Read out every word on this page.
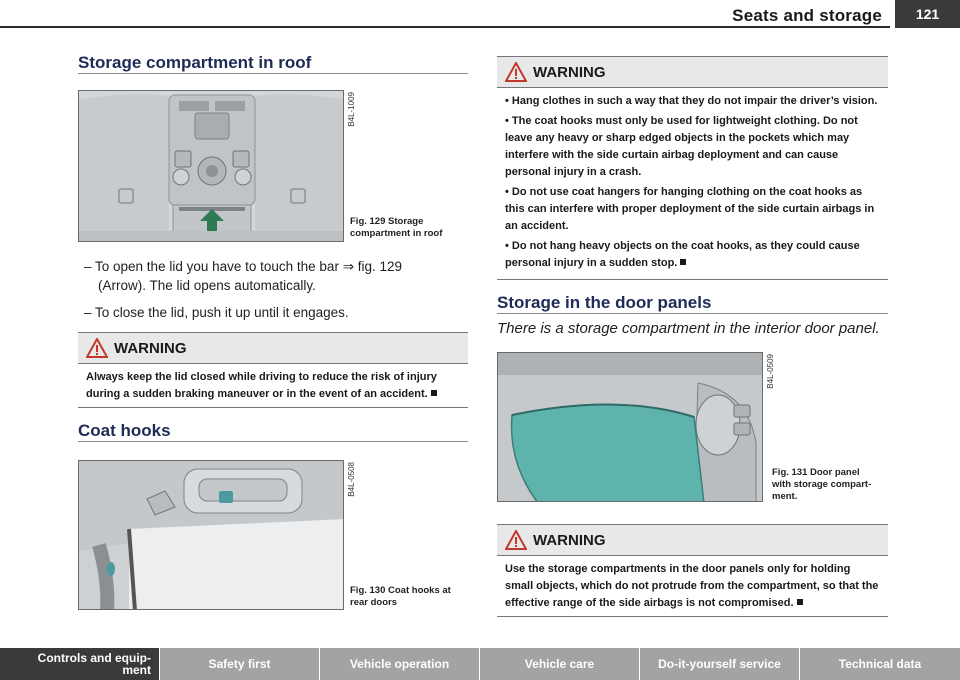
Seats and storage	121
Storage compartment in roof
B4L-1009
Fig. 129 Storage
compartment in roof
– To open the lid you have to touch the bar ⇒ fig. 129
(Arrow). The lid opens automatically.
– To close the lid, push it up until it engages.
WARNING
Always keep the lid closed while driving to reduce the risk of injury during a sudden braking maneuver or in the event of an accident.
Coat hooks
B4L-0508
Fig. 130 Coat hooks at
rear doors
WARNING

• Hang clothes in such a way that they do not impair the driver’s vision.

• The coat hooks must only be used for lightweight clothing. Do not leave any heavy or sharp edged objects in the pockets which may interfere with the side curtain airbag deployment and can cause personal injury in a crash.

• Do not use coat hangers for hanging clothing on the coat hooks as this can interfere with proper deployment of the side curtain airbags in an accident.

• Do not hang heavy objects on the coat hooks, as they could cause personal injury in a sudden stop.

Storage in the door panels
There is a storage compartment in the interior door panel.
B4L-0509
Fig. 131 Door panel
with storage compart-
ment.
WARNING
Use the storage compartments in the door panels only for holding small objects, which do not protrude from the compartment, so that the effective range of the side airbags is not compromised.
Controls and equip-
ment	Safety first	Vehicle operation	Vehicle care	Do-it-yourself service	Technical data
